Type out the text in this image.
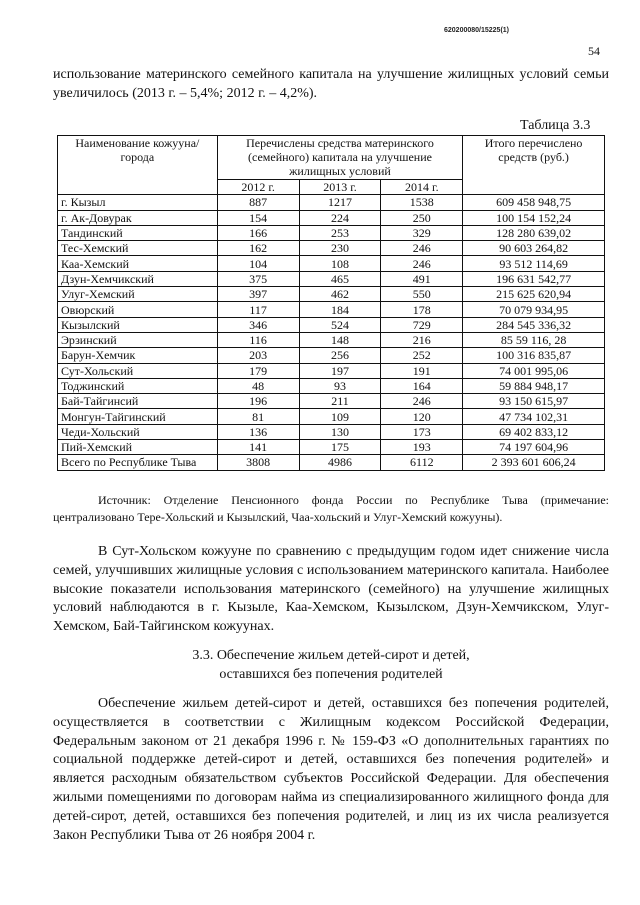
620200080/15225(1)
54
использование материнского семейного капитала на улучшение жилищных условий семьи увеличилось (2013 г. – 5,4%; 2012 г. – 4,2%).
Таблица 3.3
Наименование кожууна/города	Перечислены средства материнского (семейного) капитала на улучшение жилищных условий			Итого перечислено средств (руб.)
	2012 г.	2013 г.	2014 г.	
г. Кызыл	887	1217	1538	609 458 948,75
г. Ак-Довурак	154	224	250	100 154 152,24
Тандинский	166	253	329	128 280 639,02
Тес-Хемский	162	230	246	90 603 264,82
Каа-Хемский	104	108	246	93 512 114,69
Дзун-Хемчикский	375	465	491	196 631 542,77
Улуг-Хемский	397	462	550	215 625 620,94
Овюрский	117	184	178	70 079 934,95
Кызылский	346	524	729	284 545 336,32
Эрзинский	116	148	216	85 59 116, 28
Барун-Хемчик	203	256	252	100 316 835,87
Сут-Хольский	179	197	191	74 001 995,06
Тоджинский	48	93	164	59 884 948,17
Бай-Тайгинсий	196	211	246	93 150 615,97
Монгун-Тайгинский	81	109	120	47 734 102,31
Чеди-Хольский	136	130	173	69 402 833,12
Пий-Хемский	141	175	193	74 197 604,96
Всего по Республике Тыва	3808	4986	6112	2 393 601 606,24
Источник: Отделение Пенсионного фонда России по Республике Тыва (примечание: централизовано Тере-Хольский и Кызылский, Чаа-хольский и Улуг-Хемский кожууны).
В Сут-Хольском кожууне по сравнению с предыдущим годом идет снижение числа семей, улучшивших жилищные условия с использованием материнского капитала. Наиболее высокие показатели использования материнского (семейного) на улучшение жилищных условий наблюдаются в г. Кызыле, Каа-Хемском, Кызылском, Дзун-Хемчикском, Улуг-Хемском, Бай-Тайгинском кожуунах.
3.3. Обеспечение жильем детей-сирот и детей,
оставшихся без попечения родителей
Обеспечение жильем детей-сирот и детей, оставшихся без попечения родителей, осуществляется в соответствии с Жилищным кодексом Российской Федерации, Федеральным законом от 21 декабря 1996 г. № 159-ФЗ «О дополнительных гарантиях по социальной поддержке детей-сирот и детей, оставшихся без попечения родителей» и является расходным обязательством субъектов Российской Федерации. Для обеспечения жилыми помещениями по договорам найма из специализированного жилищного фонда для детей-сирот, детей, оставшихся без попечения родителей, и лиц из их числа реализуется Закон Республики Тыва от 26 ноября 2004 г.
